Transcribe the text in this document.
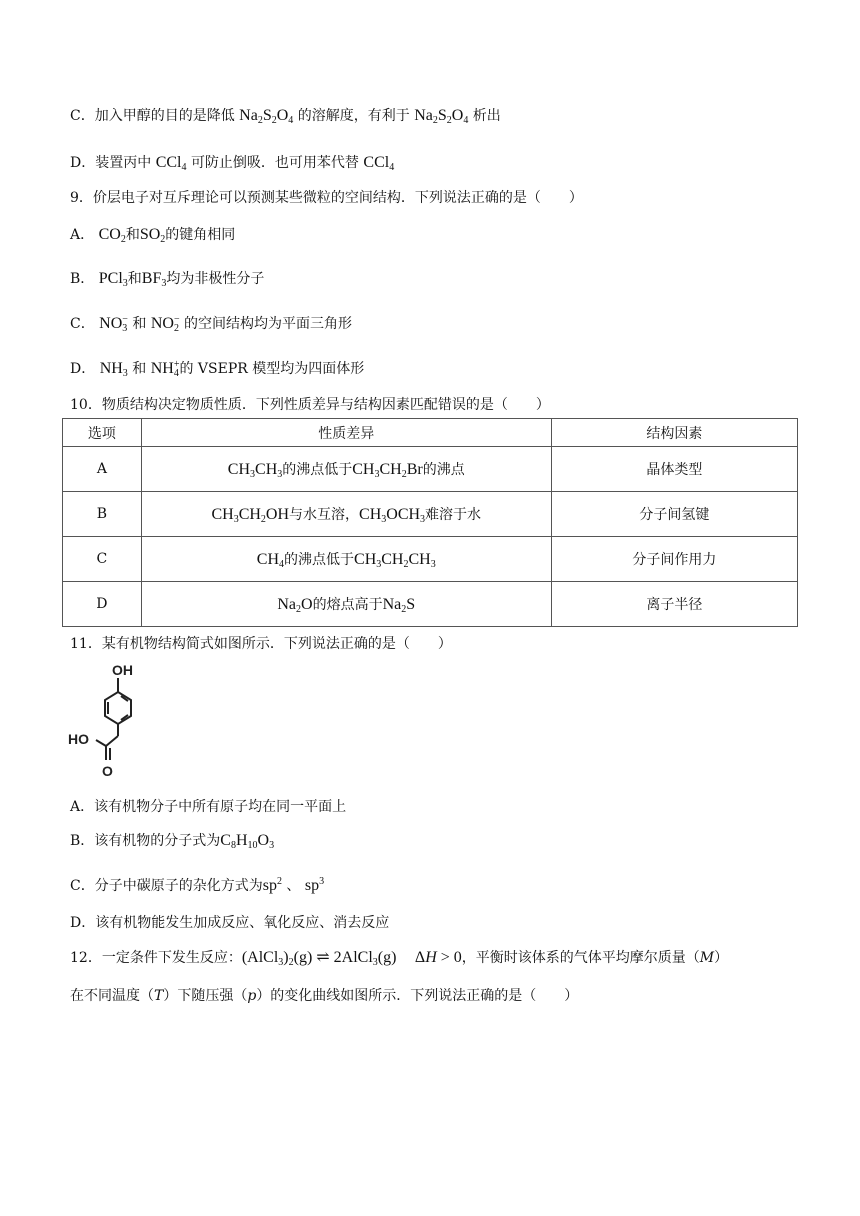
C．加入甲醇的目的是降低 $Na_2S_2O_4$ 的溶解度，有利于 $Na_2S_2O_4$ 析出
D．装置丙中 CCl$_4$ 可防止倒吸．也可用苯代替 CCl$_4$
9．价层电子对互斥理论可以预测某些微粒的空间结构．下列说法正确的是（　　）
A． $CO_2$和$SO_2$的键角相同
B． PCl$_3$和$BF_3$均为非极性分子
C． $NO_3^-$ 和 $NO_2^-$ 的空间结构均为平面三角形
D． $NH_3$ 和 $NH_4^+$的 VSEPR 模型均为四面体形
10．物质结构决定物质性质．下列性质差异与结构因素匹配错误的是（　　）
选项	性质差异	结构因素
A	$CH_3CH_3$的沸点低于$CH_3CH_2Br$的沸点	晶体类型
B	$CH_3CH_2OH$与水互溶，$CH_3OCH_3$难溶于水	分子间氢键
C	$CH_4$的沸点低于$CH_3CH_2CH_3$	分子间作用力
D	$Na_2O$的熔点高于$Na_2S$	离子半径
11．某有机物结构简式如图所示．下列说法正确的是（　　）
OH
HO
O
A．该有机物分子中所有原子均在同一平面上
B．该有机物的分子式为$C_8H_{10}O_3$
C．分子中碳原子的杂化方式为$sp^2$ 、 $sp^3$
D．该有机物能发生加成反应、氧化反应、消去反应
12．一定条件下发生反应：$(AlCl_3)_2(g)$ ⇌ 2AlCl$_3$(g) ΔH > 0，平衡时该体系的气体平均摩尔质量（M）
在不同温度（T）下随压强（p）的变化曲线如图所示．下列说法正确的是（　　）
